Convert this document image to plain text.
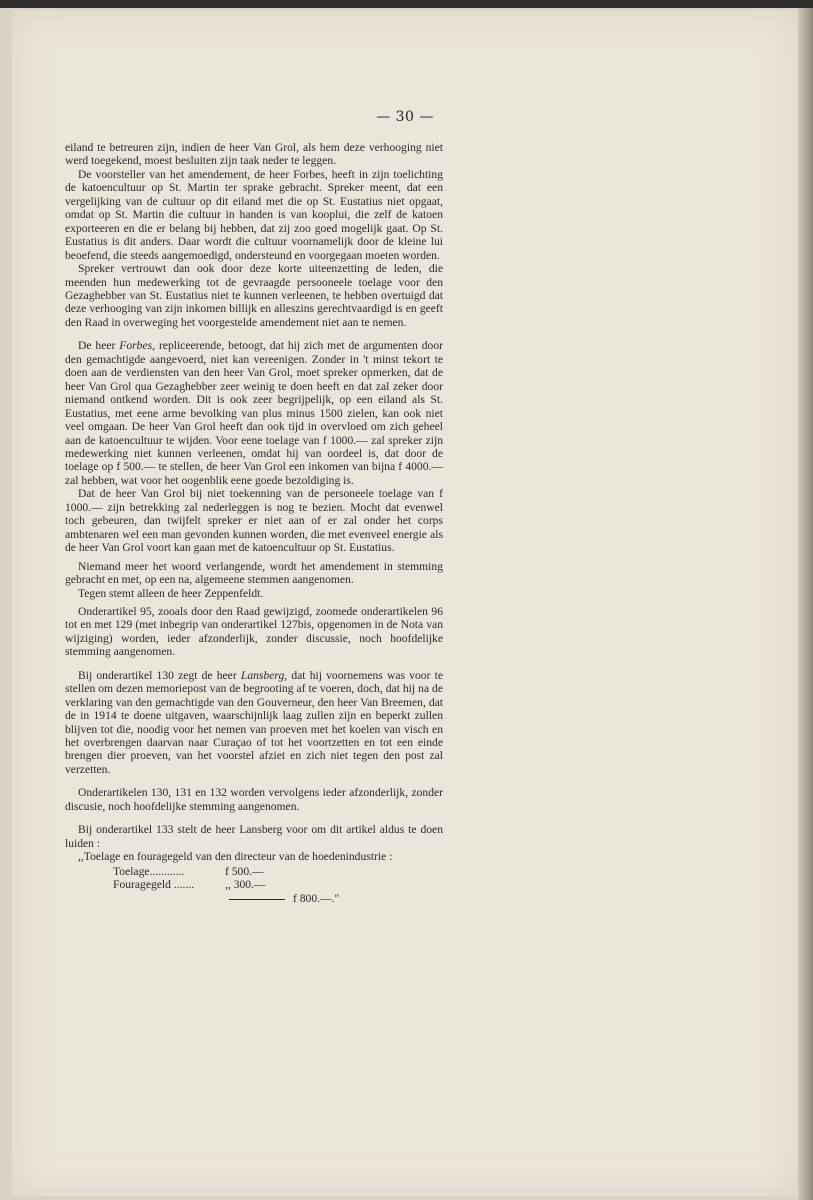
— 30 —

eiland te betreuren zijn, indien de heer Van Grol, als hem deze verhooging niet werd toegekend, moest besluiten zijn taak neder te leggen.

De voorsteller van het amendement, de heer Forbes, heeft in zijn toelichting de katoencultuur op St. Martin ter sprake gebracht. Spreker meent, dat een vergelijking van de cultuur op dit eiland met die op St. Eustatius niet opgaat, omdat op St. Martin die cultuur in handen is van kooplui, die zelf de katoen exporteeren en die er belang bij hebben, dat zij zoo goed mogelijk gaat. Op St. Eustatius is dit anders. Daar wordt die cultuur voornamelijk door de kleine lui beoefend, die steeds aangemoedigd, ondersteund en voorgegaan moeten worden.

Spreker vertrouwt dan ook door deze korte uiteenzetting de leden, die meenden hun medewerking tot de gevraagde persooneele toelage voor den Gezaghebber van St. Eustatius niet te kunnen verleenen, te hebben overtuigd dat deze verhooging van zijn inkomen billijk en alleszins gerechtvaardigd is en geeft den Raad in overweging het voorgestelde amendement niet aan te nemen.

De heer Forbes, repliceerende, betoogt, dat hij zich met de argumenten door den gemachtigde aangevoerd, niet kan vereenigen. Zonder in 't minst tekort te doen aan de verdiensten van den heer Van Grol, moet spreker opmerken, dat de heer Van Grol qua Gezaghebber zeer weinig te doen heeft en dat zal zeker door niemand ontkend worden. Dit is ook zeer begrijpelijk, op een eiland als St. Eustatius, met eene arme bevolking van plus minus 1500 zielen, kan ook niet veel omgaan. De heer Van Grol heeft dan ook tijd in overvloed om zich geheel aan de katoencultuur te wijden. Voor eene toelage van f 1000.— zal spreker zijn medewerking niet kunnen verleenen, omdat hij van oordeel is, dat door de toelage op f 500.— te stellen, de heer Van Grol een inkomen van bijna f 4000.— zal hebben, wat voor het oogenblik eene goede bezoldiging is.

Dat de heer Van Grol bij niet toekenning van de personeele toelage van f 1000.— zijn betrekking zal nederleggen is nog te bezien. Mocht dat evenwel toch gebeuren, dan twijfelt spreker er niet aan of er zal onder het corps ambtenaren wel een man gevonden kunnen worden, die met evenveel energie als de heer Van Grol voort kan gaan met de katoencultuur op St. Eustatius.

Niemand meer het woord verlangende, wordt het amendement in stemming gebracht en met, op een na, algemeene stemmen aangenomen.

Tegen stemt alleen de heer Zeppenfeldt.

Onderartikel 95, zooals door den Raad gewijzigd, zoomede onderartikelen 96 tot en met 129 (met inbegrip van onderartikel 127bis, opgenomen in de Nota van wijziging) worden, ieder afzonderlijk, zonder discussie, noch hoofdelijke stemming aangenomen.

Bij onderartikel 130 zegt de heer Lansberg, dat hij voornemens was voor te stellen om dezen memoriepost van de begrooting af te voeren, doch, dat hij na de verklaring van den gemachtigde van den Gouverneur, den heer Van Breemen, dat de in 1914 te doene uitgaven, waarschijnlijk laag zullen zijn en beperkt zullen blijven tot die, noodig voor het nemen van proeven met het koelen van visch en het overbrengen daarvan naar Curaçao of tot het voortzetten en tot een einde brengen dier proeven, van het voorstel afziet en zich niet tegen den post zal verzetten.

Onderartikelen 130, 131 en 132 worden vervolgens ieder afzonderlijk, zonder discusie, noch hoofdelijke stemming aangenomen.

Bij onderartikel 133 stelt de heer Lansberg voor om dit artikel aldus te doen luiden :

,,Toelage en fouragegeld van den directeur van de hoedenindustrie :

Toelage............	f 500.—
Fouragegeld .......	,, 300.—
f 800.—."
